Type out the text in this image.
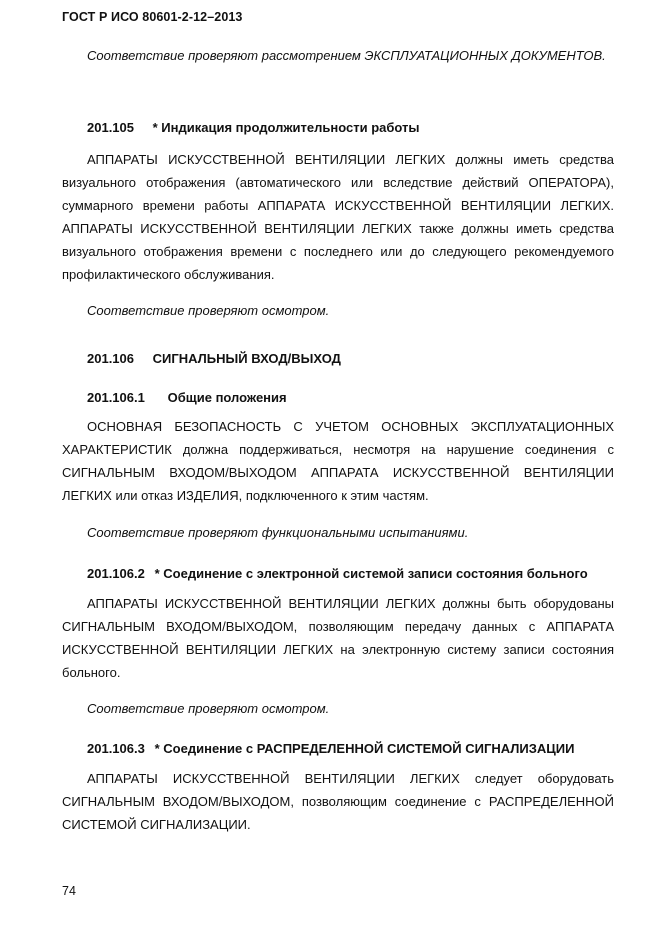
ГОСТ Р ИСО 80601-2-12–2013
Соответствие проверяют рассмотрением ЭКСПЛУАТАЦИОННЫХ ДОКУМЕНТОВ.
201.105 * Индикация продолжительности работы
АППАРАТЫ ИСКУССТВЕННОЙ ВЕНТИЛЯЦИИ ЛЕГКИХ должны иметь средства визуального отображения (автоматического или вследствие действий ОПЕРАТОРА), суммарного времени работы АППАРАТА ИСКУССТВЕННОЙ ВЕНТИЛЯЦИИ ЛЕГКИХ. АППАРАТЫ ИСКУССТВЕННОЙ ВЕНТИЛЯЦИИ ЛЕГКИХ также должны иметь средства визуального отображения времени с последнего или до следующего рекомендуемого профилактического обслуживания.
Соответствие проверяют осмотром.
201.106 СИГНАЛЬНЫЙ ВХОД/ВЫХОД
201.106.1 Общие положения
ОСНОВНАЯ БЕЗОПАСНОСТЬ С УЧЕТОМ ОСНОВНЫХ ЭКСПЛУАТАЦИОННЫХ ХАРАКТЕРИСТИК должна поддерживаться, несмотря на нарушение соединения с СИГНАЛЬНЫМ ВХОДОМ/ВЫХОДОМ АППАРАТА ИСКУССТВЕННОЙ ВЕНТИЛЯЦИИ ЛЕГКИХ или отказ ИЗДЕЛИЯ, подключенного к этим частям.
Соответствие проверяют функциональными испытаниями.
201.106.2 * Соединение с электронной системой записи состояния больного
АППАРАТЫ ИСКУССТВЕННОЙ ВЕНТИЛЯЦИИ ЛЕГКИХ должны быть оборудованы СИГНАЛЬНЫМ ВХОДОМ/ВЫХОДОМ, позволяющим передачу данных с АППАРАТА ИСКУССТВЕННОЙ ВЕНТИЛЯЦИИ ЛЕГКИХ на электронную систему записи состояния больного.
Соответствие проверяют осмотром.
201.106.3 * Соединение с РАСПРЕДЕЛЕННОЙ СИСТЕМОЙ СИГНАЛИЗАЦИИ
АППАРАТЫ ИСКУССТВЕННОЙ ВЕНТИЛЯЦИИ ЛЕГКИХ следует оборудовать СИГНАЛЬНЫМ ВХОДОМ/ВЫХОДОМ, позволяющим соединение с РАСПРЕДЕЛЕННОЙ СИСТЕМОЙ СИГНАЛИЗАЦИИ.
74
